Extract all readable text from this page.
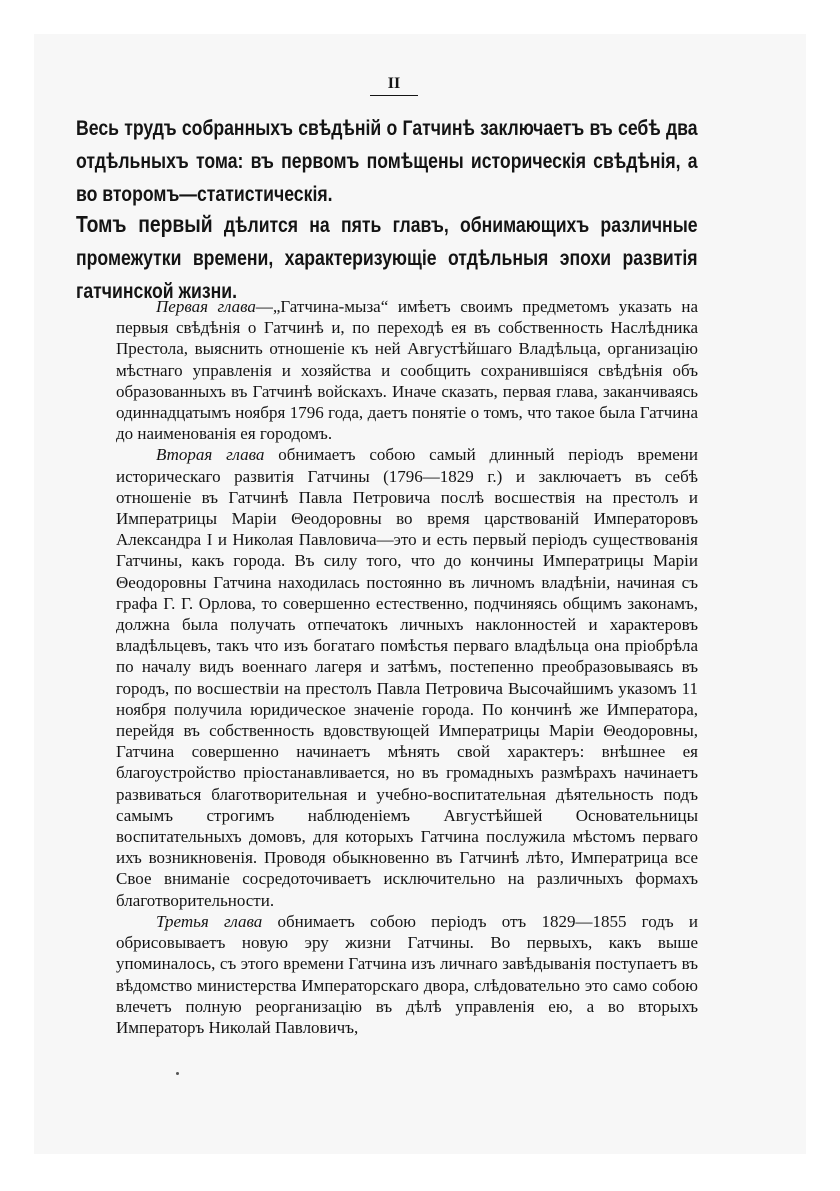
II

Весь трудъ собранныхъ свѣдѣнiй о Гатчинѣ заключаетъ въ себѣ два отдѣльныхъ тома: въ первомъ помѣщены историческiя свѣдѣнiя, а во второмъ—статистическiя.

Томъ первый дѣлится на пять главъ, обнимающихъ различные промежутки времени, характеризующiе отдѣльныя эпохи развитiя гатчинской жизни.

Первая глава—„Гатчина-мыза“ имѣетъ своимъ предметомъ указать на первыя свѣдѣнiя о Гатчинѣ и, по переходѣ ея въ собственность Наслѣдника Престола, выяснить отношенiе къ ней Августѣйшаго Владѣльца, организацiю мѣстнаго управленiя и хозяйства и сообщить сохранившiяся свѣдѣнiя объ образованныхъ въ Гатчинѣ войскахъ. Иначе сказать, первая глава, заканчиваясь одиннадцатымъ ноября 1796 года, даетъ понятiе о томъ, что такое была Гатчина до наименованiя ея городомъ.

Вторая глава обнимаетъ собою самый длинный перiодъ времени историческаго развитiя Гатчины (1796—1829 г.) и заключаетъ въ себѣ отношенiе въ Гатчинѣ Павла Петровича послѣ восшествiя на престолъ и Императрицы Марiи Θеодоровны во время царствованiй Императоровъ Александра I и Николая Павловича—это и есть первый перiодъ существованiя Гатчины, какъ города. Въ силу того, что до кончины Императрицы Марiи Θеодоровны Гатчина находилась постоянно въ личномъ владѣнiи, начиная съ графа Г. Г. Орлова, то совершенно естественно, подчиняясь общимъ законамъ, должна была получать отпечатокъ личныхъ наклонностей и характеровъ владѣльцевъ, такъ что изъ богатаго помѣстья перваго владѣльца она прiобрѣла по началу видъ военнаго лагеря и затѣмъ, постепенно преобразовываясь въ городъ, по восшествiи на престолъ Павла Петровича Высочайшимъ указомъ 11 ноября получила юридическое значенiе города. По кончинѣ же Императора, перейдя въ собственность вдовствующей Императрицы Марiи Θеодоровны, Гатчина совершенно начинаетъ мѣнять свой характеръ: внѣшнее ея благоустройство прiостанавливается, но въ громадныхъ размѣрахъ начинаетъ развиваться благотворительная и учебно-воспитательная дѣятельность подъ самымъ строгимъ наблюденiемъ Августѣйшей Основательницы воспитательныхъ домовъ, для которыхъ Гатчина послужила мѣстомъ перваго ихъ возникновенiя. Проводя обыкновенно въ Гатчинѣ лѣто, Императрица все Свое вниманiе сосредоточиваетъ исключительно на различныхъ формахъ благотворительности.

Третья глава обнимаетъ собою перiодъ отъ 1829—1855 годъ и обрисовываетъ новую эру жизни Гатчины. Во первыхъ, какъ выше упоминалось, съ этого времени Гатчина изъ личнаго завѣдыванiя поступаетъ въ вѣдомство министерства Императорскаго двора, слѣдовательно это само собою влечетъ полную реорганизацiю въ дѣлѣ управленiя ею, а во вторыхъ Императоръ Николай Павловичъ,
